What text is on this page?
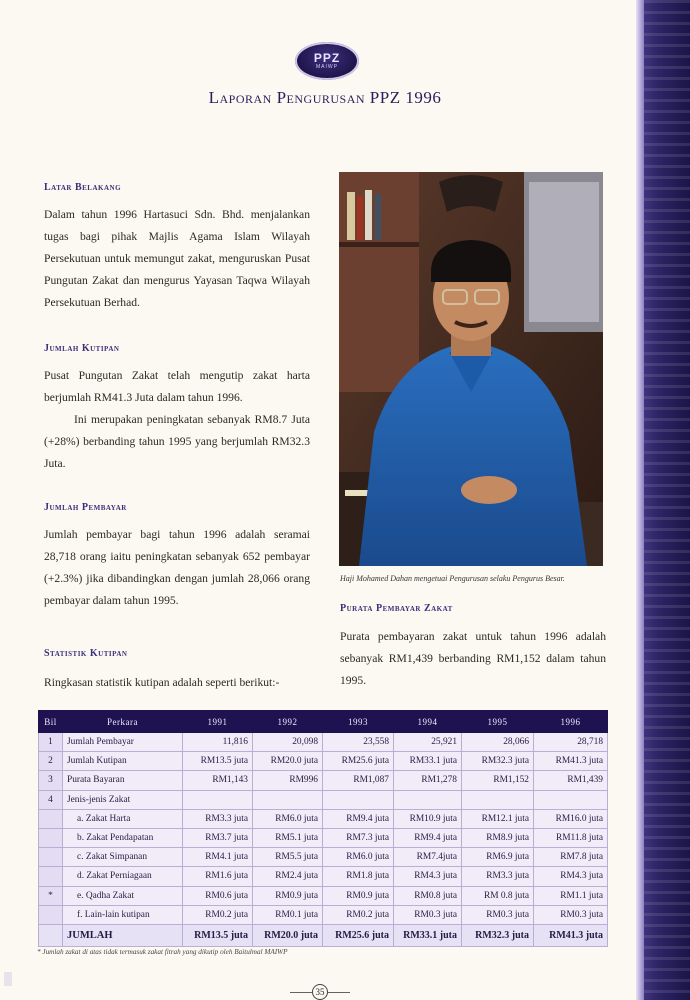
PPZ
MAIWP
Laporan Pengurusan PPZ 1996
Latar Belakang
Dalam tahun 1996 Hartasuci Sdn. Bhd. menjalankan tugas bagi pihak Majlis Agama Islam Wilayah Persekutuan untuk memungut zakat, menguruskan Pusat Pungutan Zakat dan mengurus Yayasan Taqwa Wilayah Persekutuan Berhad.
Jumlah Kutipan
Pusat Pungutan Zakat telah mengutip zakat harta berjumlah RM41.3 Juta dalam tahun 1996.
Ini merupakan peningkatan sebanyak RM8.7 Juta (+28%) berbanding tahun 1995 yang berjumlah RM32.3 Juta.
Jumlah Pembayar
Jumlah pembayar bagi tahun 1996 adalah seramai 28,718 orang iaitu peningkatan sebanyak 652 pembayar (+2.3%) jika dibandingkan dengan jumlah 28,066 orang pembayar dalam tahun 1995.
Statistik Kutipan
Ringkasan statistik kutipan adalah seperti berikut:-
Haji Mohamed Dahan mengetuai Pengurusan selaku Pengurus Besar.
Purata Pembayar Zakat
Purata pembayaran zakat untuk tahun 1996 adalah sebanyak RM1,439 berbanding RM1,152 dalam tahun 1995.
Bil	Perkara	1991	1992	1993	1994	1995	1996
1	Jumlah Pembayar	11,816	20,098	23,558	25,921	28,066	28,718
2	Jumlah Kutipan	RM13.5 juta	RM20.0 juta	RM25.6 juta	RM33.1 juta	RM32.3 juta	RM41.3 juta
3	Purata Bayaran	RM1,143	RM996	RM1,087	RM1,278	RM1,152	RM1,439
4	Jenis-jenis Zakat						
	a. Zakat Harta	RM3.3 juta	RM6.0 juta	RM9.4 juta	RM10.9 juta	RM12.1 juta	RM16.0 juta
	b. Zakat Pendapatan	RM3.7 juta	RM5.1 juta	RM7.3 juta	RM9.4 juta	RM8.9 juta	RM11.8 juta
	c. Zakat Simpanan	RM4.1 juta	RM5.5 juta	RM6.0 juta	RM7.4juta	RM6.9 juta	RM7.8 juta
	d. Zakat Perniagaan	RM1.6 juta	RM2.4 juta	RM1.8 juta	RM4.3 juta	RM3.3 juta	RM4.3 juta
*	e. Qadha Zakat	RM0.6 juta	RM0.9 juta	RM0.9 juta	RM0.8 juta	RM 0.8 juta	RM1.1 juta
	f. Lain-lain kutipan	RM0.2 juta	RM0.1 juta	RM0.2 juta	RM0.3 juta	RM0.3 juta	RM0.3 juta
	JUMLAH	RM13.5 juta	RM20.0 juta	RM25.6 juta	RM33.1 juta	RM32.3 juta	RM41.3 juta
* Jumlah zakat di atas tidak termasuk zakat fitrah yang dikutip oleh Baitulmal MAIWP
35
